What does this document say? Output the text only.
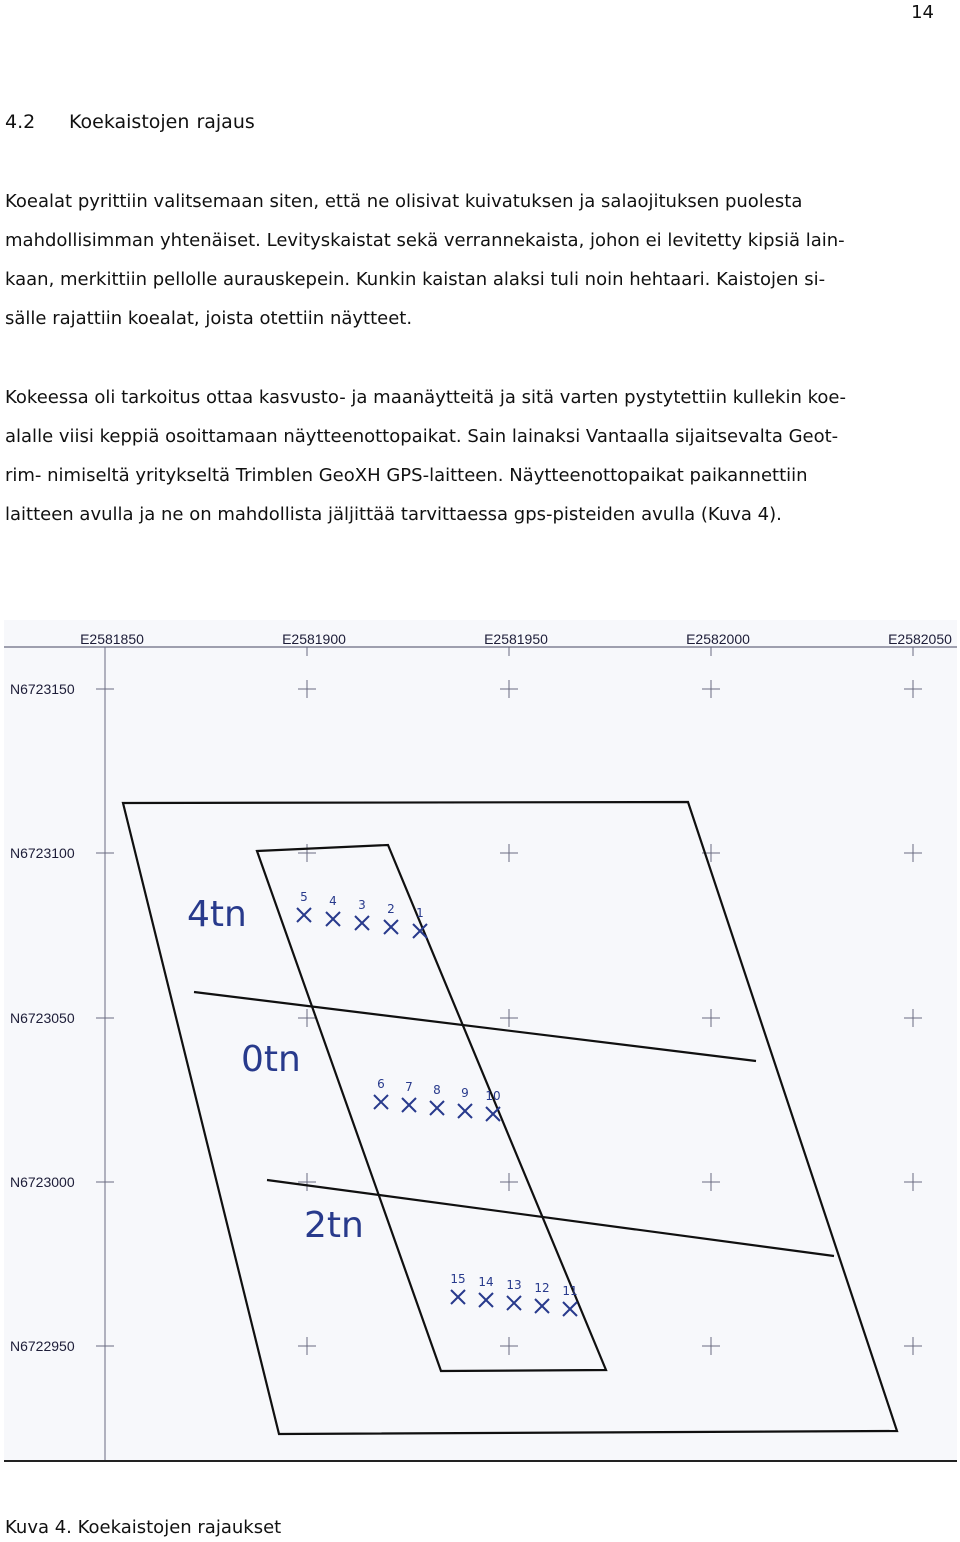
14
4.2 Koekaistojen rajaus

Koealat pyrittiin valitsemaan siten, että ne olisivat kuivatuksen ja salaojituksen puolesta
mahdollisimman yhtenäiset. Levityskaistat sekä verrannekaista, johon ei levitetty kipsiä lain-
kaan, merkittiin pellolle aurauskepein. Kunkin kaistan alaksi tuli noin hehtaari. Kaistojen si-
sälle rajattiin koealat, joista otettiin näytteet.

Kokeessa oli tarkoitus ottaa kasvusto- ja maanäytteitä ja sitä varten pystytettiin kullekin koe-
alalle viisi keppiä osoittamaan näytteenottopaikat. Sain lainaksi Vantaalla sijaitsevalta Geot-
rim- nimiseltä yritykseltä Trimblen GeoXH GPS-laitteen. Näytteenottopaikat paikannettiin
laitteen avulla ja ne on mahdollista jäljittää tarvittaessa gps-pisteiden avulla (Kuva 4).

E2581850	E2581900	E2581950	E2582000	E2582050
N6723150
N6723100
N6723050
N6723000
N6722950
4tn
0tn
2tn
5 4 3 2 1
6 7 8 9 10
15 14 13 12 11
Kuva 4. Koekaistojen rajaukset
